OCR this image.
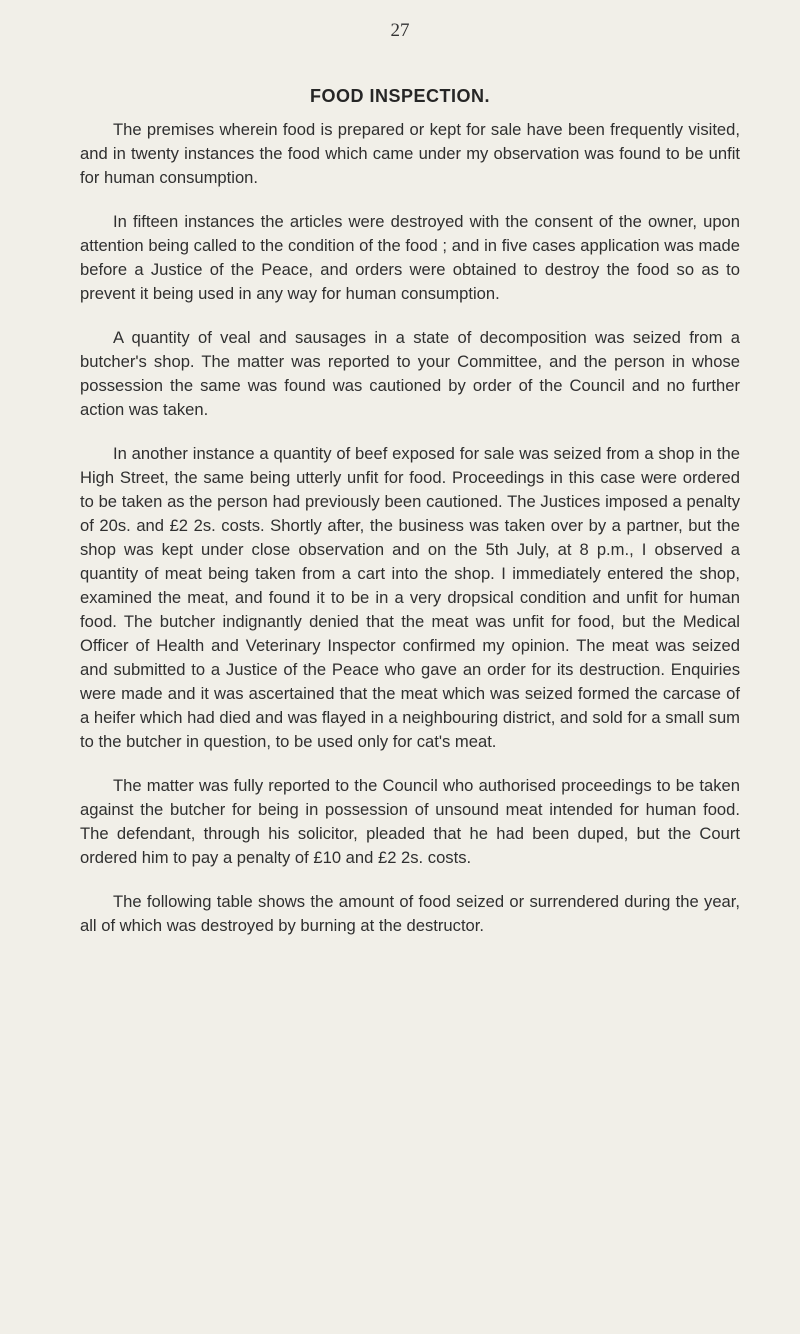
27
FOOD INSPECTION.

The premises wherein food is prepared or kept for sale have been frequently visited, and in twenty instances the food which came under my observation was found to be unfit for human consumption.

In fifteen instances the articles were destroyed with the consent of the owner, upon attention being called to the condition of the food ; and in five cases application was made before a Justice of the Peace, and orders were obtained to destroy the food so as to prevent it being used in any way for human consumption.

A quantity of veal and sausages in a state of decomposition was seized from a butcher's shop. The matter was reported to your Committee, and the person in whose possession the same was found was cautioned by order of the Council and no further action was taken.

In another instance a quantity of beef exposed for sale was seized from a shop in the High Street, the same being utterly unfit for food. Proceedings in this case were ordered to be taken as the person had previously been cautioned. The Justices imposed a penalty of 20s. and £2 2s. costs. Shortly after, the business was taken over by a partner, but the shop was kept under close observation and on the 5th July, at 8 p.m., I observed a quantity of meat being taken from a cart into the shop. I immediately entered the shop, examined the meat, and found it to be in a very dropsical condition and unfit for human food. The butcher indignantly denied that the meat was unfit for food, but the Medical Officer of Health and Veterinary Inspector confirmed my opinion. The meat was seized and submitted to a Justice of the Peace who gave an order for its destruction. Enquiries were made and it was ascertained that the meat which was seized formed the carcase of a heifer which had died and was flayed in a neighbouring district, and sold for a small sum to the butcher in question, to be used only for cat's meat.

The matter was fully reported to the Council who authorised proceedings to be taken against the butcher for being in possession of unsound meat intended for human food. The defendant, through his solicitor, pleaded that he had been duped, but the Court ordered him to pay a penalty of £10 and £2 2s. costs.

The following table shows the amount of food seized or surrendered during the year, all of which was destroyed by burning at the destructor.
